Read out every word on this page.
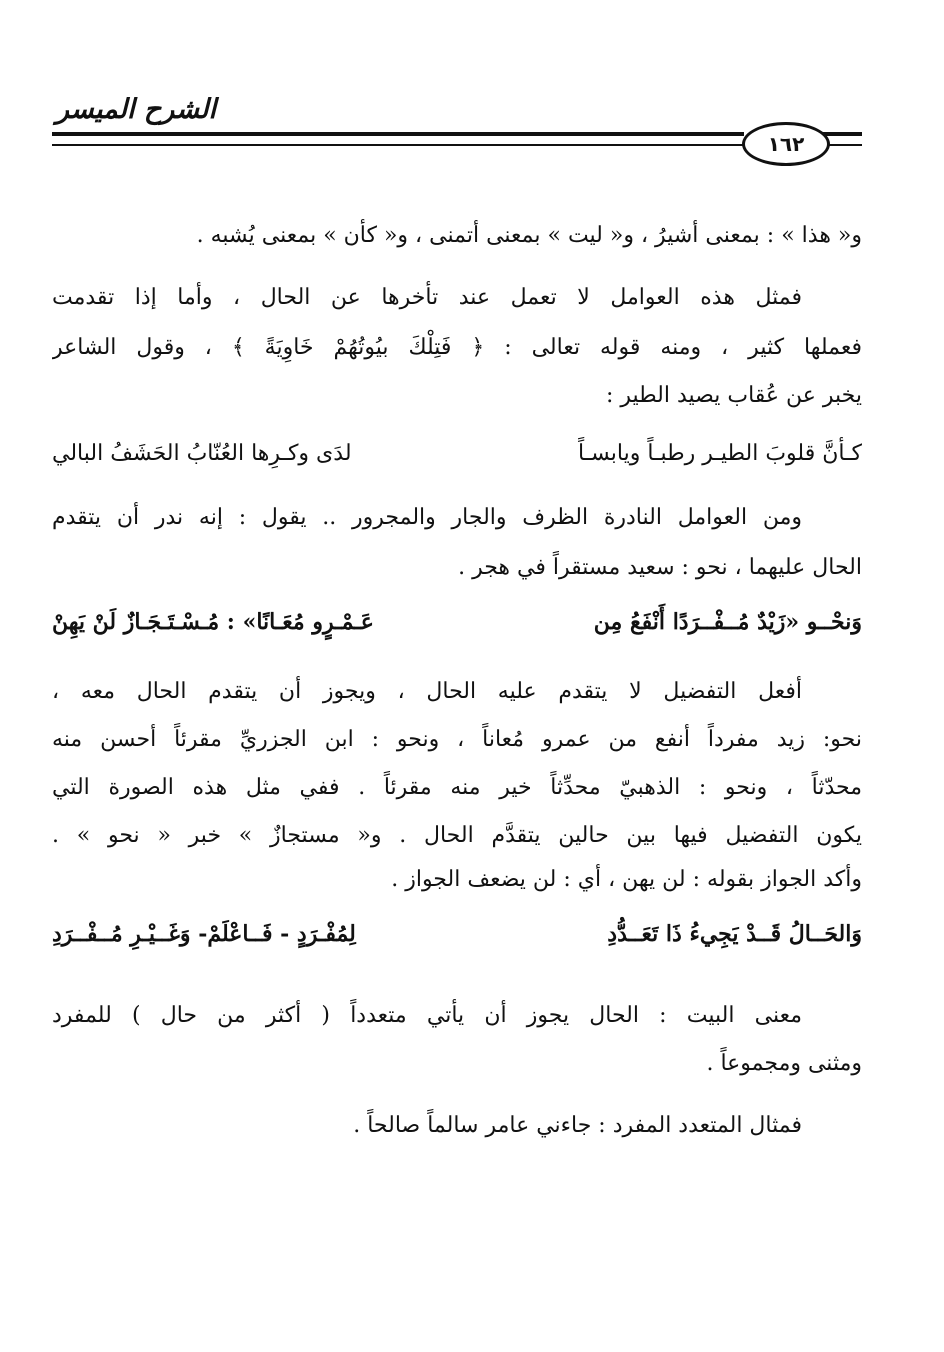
الشرح الميسر
١٦٢
و« هذا » : بمعنى أشيرُ ، و« ليت » بمعنى أتمنى ، و« كأن » بمعنى يُشبه .
فمثل هذه العوامل لا تعمل عند تأخرها عن الحال ، وأما إذا تقدمت
فعملها كثير ، ومنه قوله تعالى : ﴿ فَتِلْكَ بيُوتُهُمْ خَاوِيَةً ﴾ ، وقول الشاعر
يخبر عن عُقاب يصيد الطير :
كـأنَّ قلوبَ الطيـر رطبـاً ويابسـاً
لدَى وكـرِها العُنّابُ الحَشَفُ البالي
ومن العوامل النادرة الظرف والجار والمجرور .. يقول : إنه ندر أن يتقدم
الحال عليهما ، نحو : سعيد مستقراً في هجر .
وَنحْــو «زَيْدٌ مُــفْــرَدًا أَنْفَعُ مِن
عَـمْـرٍو مُعَـانًا» : مُـسْـتَـجَـازٌ لَنْ يَهِنْ
أفعل التفضيل لا يتقدم عليه الحال ، ويجوز أن يتقدم الحال معه ،
نحو: زيد مفرداً أنفع من عمرو مُعاناً ، ونحو : ابن الجزريِّ مقرئاً أحسن منه
محدّثاً ، ونحو : الذهبيّ محدِّثاً خير منه مقرئاً . ففي مثل هذه الصورة التي
يكون التفضيل فيها بين حالين يتقدَّم الحال . و« مستجازٌ » خبر « نحو » .
وأكد الجواز بقوله : لن يهن ، أي : لن يضعف الجواز .
وَالحَــالُ قَــدْ يَجِيءُ ذَا تَعَــدُّدِ
لِمُفْـرَدٍ - فَــاعْلَمْ- وَغَــيْـرِ مُــفْــرَدِ
معنى البيت : الحال يجوز أن يأتي متعدداً ( أكثر من حال ) للمفرد
ومثنى ومجموعاً .
فمثال المتعدد المفرد : جاءني عامر سالماً صالحاً .
